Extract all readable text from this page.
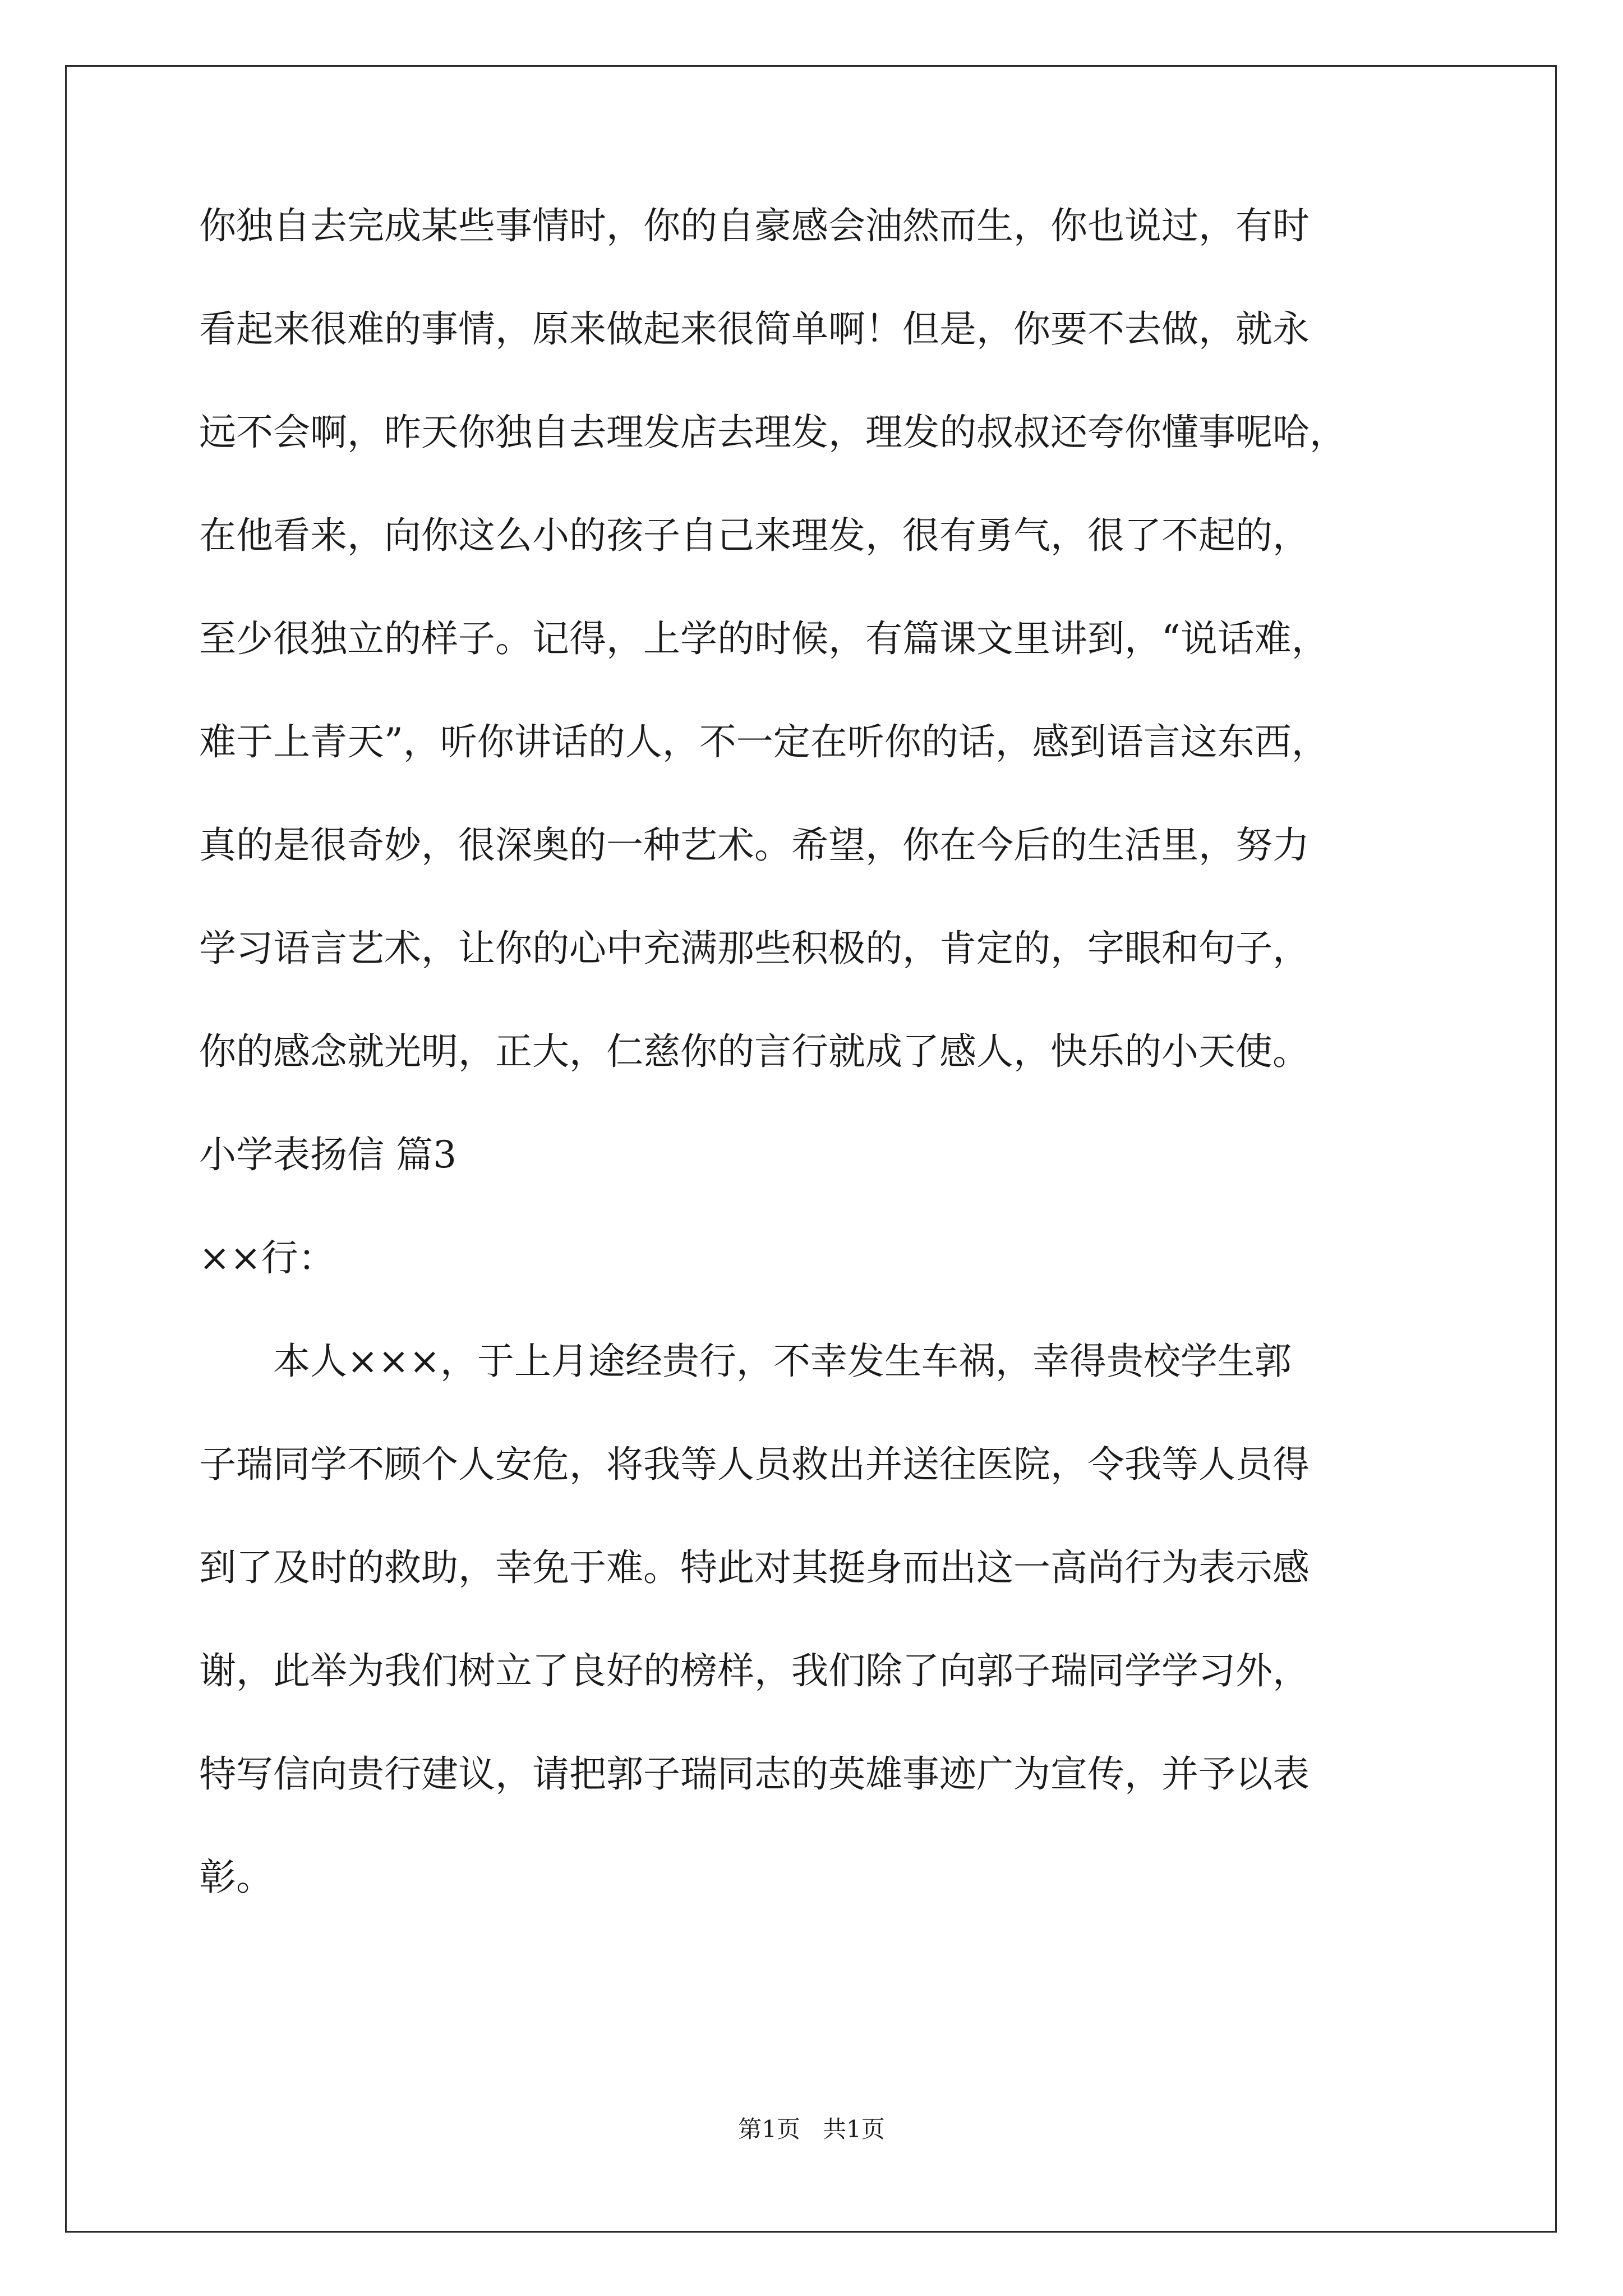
你独自去完成某些事情时，你的自豪感会油然而生，你也说过，有时
看起来很难的事情，原来做起来很简单啊！但是，你要不去做，就永
远不会啊，昨天你独自去理发店去理发，理发的叔叔还夸你懂事呢哈，
在他看来，向你这么小的孩子自己来理发，很有勇气，很了不起的，
至少很独立的样子。记得，上学的时候，有篇课文里讲到，“说话难，
难于上青天”，听你讲话的人，不一定在听你的话，感到语言这东西，
真的是很奇妙，很深奥的一种艺术。希望，你在今后的生活里，努力
学习语言艺术，让你的心中充满那些积极的，肯定的，字眼和句子，
你的感念就光明，正大，仁慈你的言行就成了感人，快乐的小天使。
小学表扬信 篇3
××行：
本人×××，于上月途经贵行，不幸发生车祸，幸得贵校学生郭
子瑞同学不顾个人安危，将我等人员救出并送往医院，令我等人员得
到了及时的救助，幸免于难。特此对其挺身而出这一高尚行为表示感
谢，此举为我们树立了良好的榜样，我们除了向郭子瑞同学学习外，
特写信向贵行建议，请把郭子瑞同志的英雄事迹广为宣传，并予以表
彰。
第1页 共1页
